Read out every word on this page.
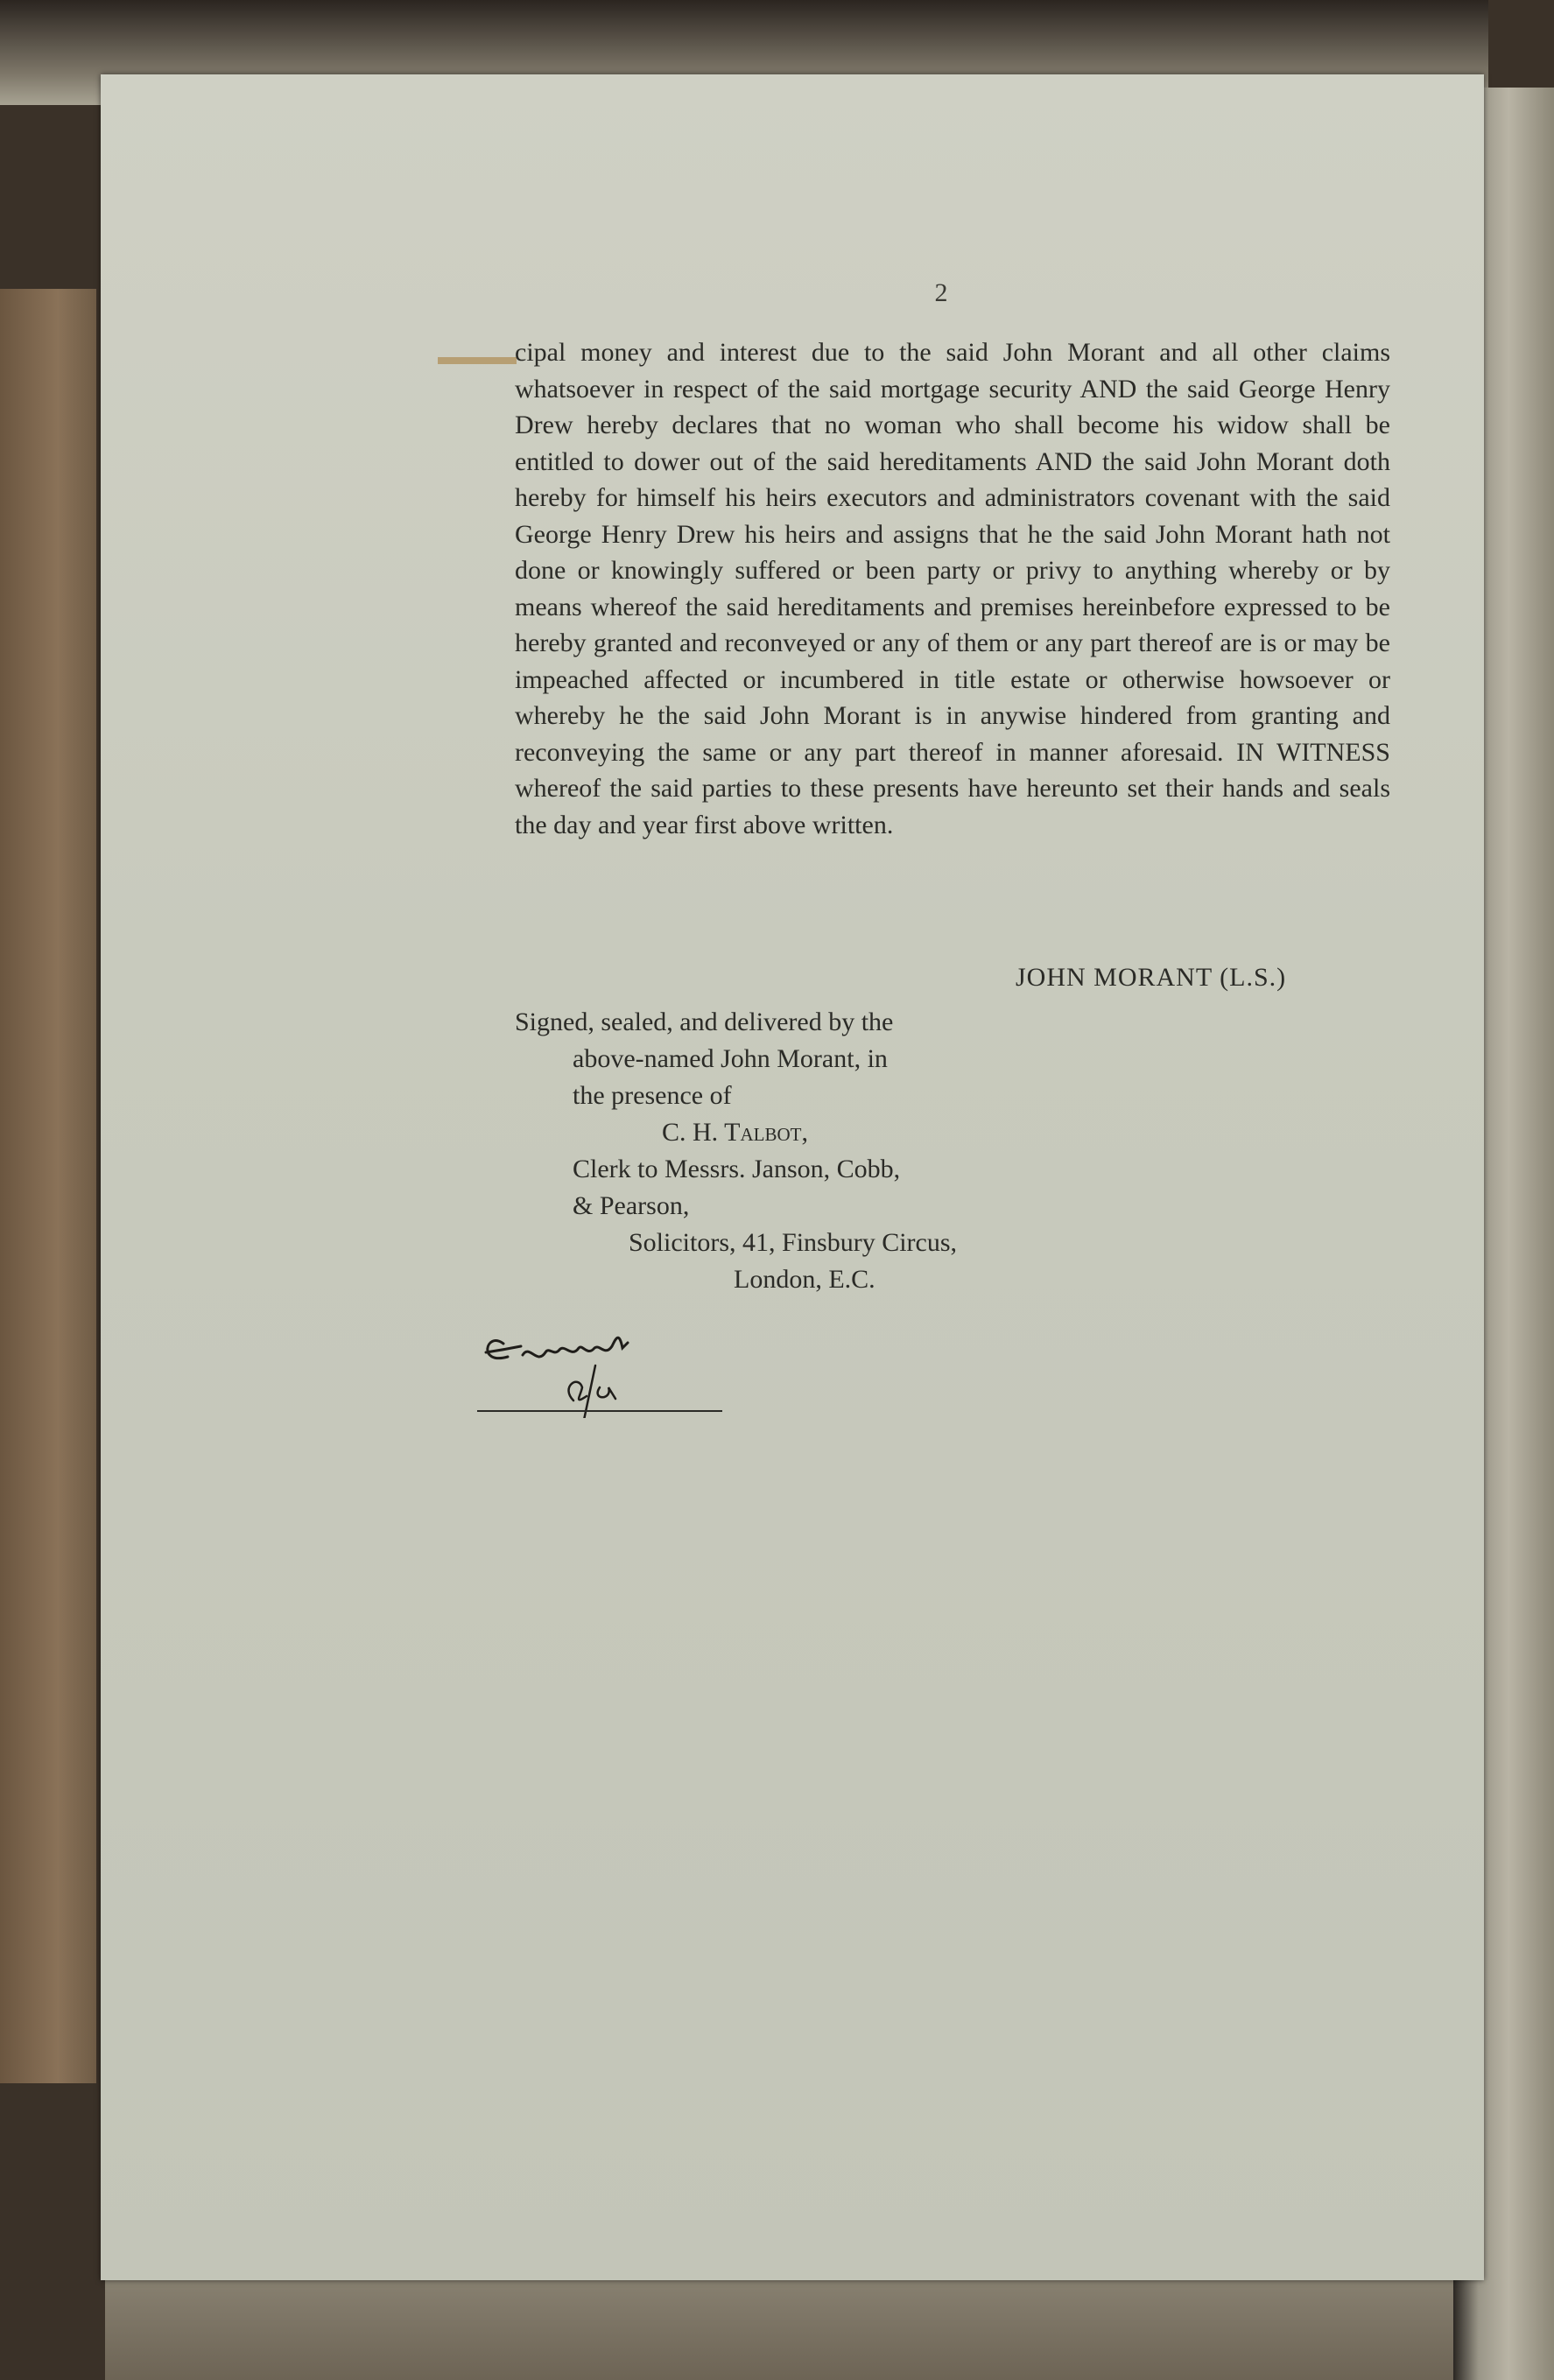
2

cipal money and interest due to the said John Morant and all other claims whatsoever in respect of the said mortgage security AND the said George Henry Drew hereby declares that no woman who shall become his widow shall be entitled to dower out of the said hereditaments AND the said John Morant doth hereby for himself his heirs executors and administrators covenant with the said George Henry Drew his heirs and assigns that he the said John Morant hath not done or knowingly suffered or been party or privy to anything whereby or by means whereof the said hereditaments and premises hereinbefore expressed to be hereby granted and reconveyed or any of them or any part thereof are is or may be impeached affected or incumbered in title estate or otherwise howsoever or whereby he the said John Morant is in anywise hindered from granting and reconveying the same or any part thereof in manner aforesaid. IN WITNESS whereof the said parties to these presents have hereunto set their hands and seals the day and year first above written.

JOHN MORANT (L.S.)
Signed, sealed, and delivered by the
above-named John Morant, in
the presence of
C. H. Talbot,
Clerk to Messrs. Janson, Cobb,
& Pearson,
Solicitors, 41, Finsbury Circus,
London, E.C.
